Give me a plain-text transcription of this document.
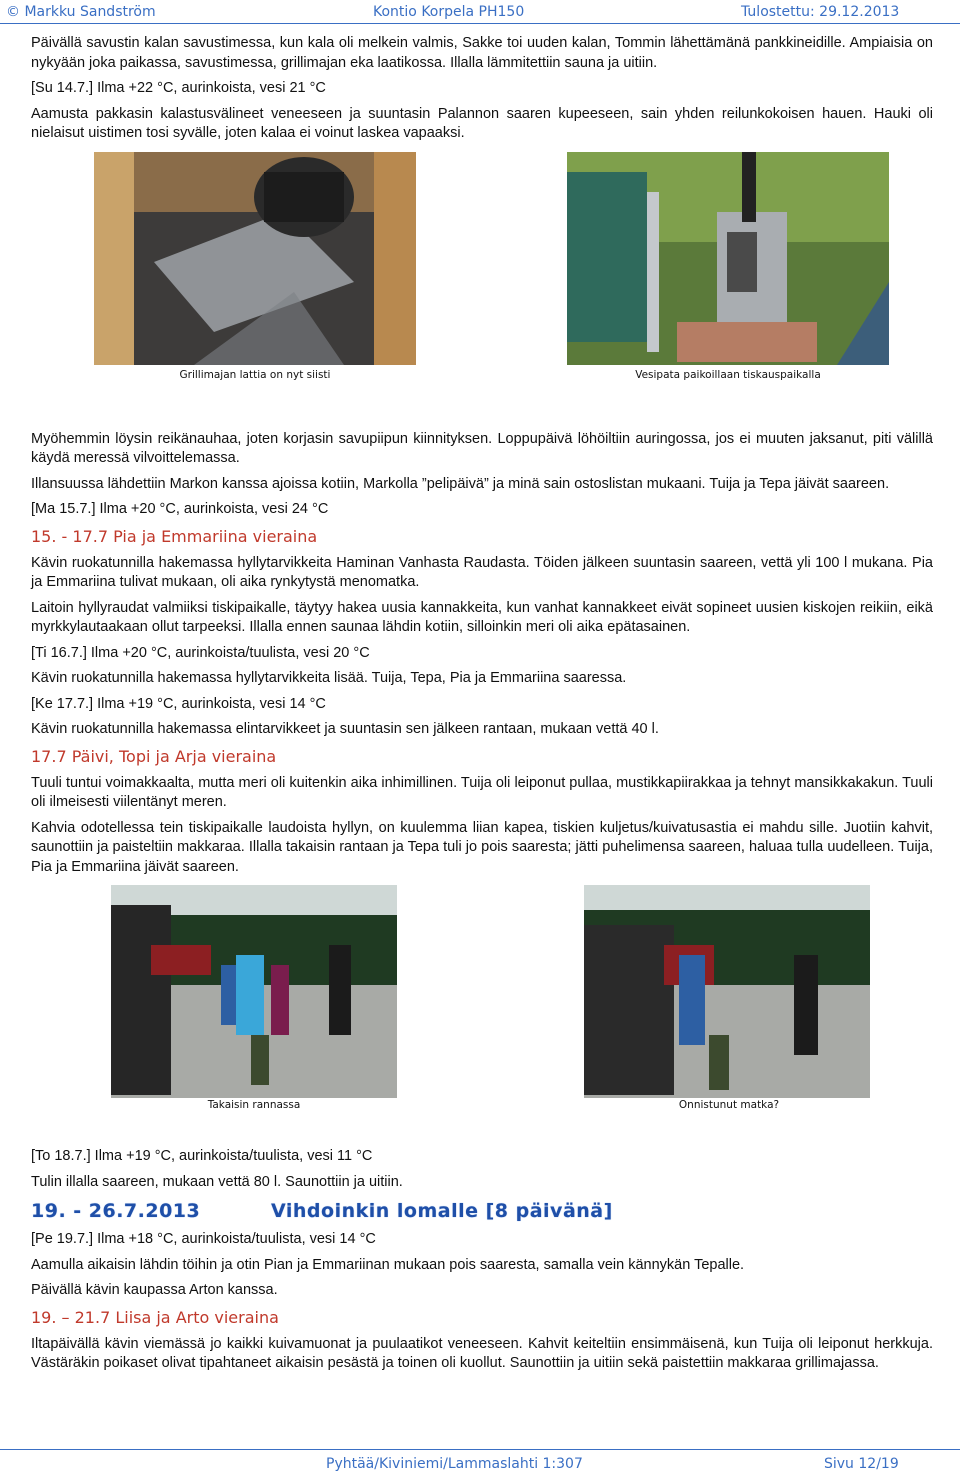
© Markku Sandström	Kontio Korpela PH150	Tulostettu: 29.12.2013

Päivällä savustin kalan savustimessa, kun kala oli melkein valmis, Sakke toi uuden kalan, Tommin lähettämänä pankkineidille. Ampiaisia on nykyään joka paikassa, savustimessa, grillimajan eka laatikossa. Illalla lämmitettiin sauna ja uitiin.

[Su 14.7.] Ilma +22 °C, aurinkoista, vesi 21 °C

Aamusta pakkasin kalastusvälineet veneeseen ja suuntasin Palannon saaren kupeeseen, sain yhden reilunkokoisen hauen. Hauki oli nielaisut uistimen tosi syvälle, joten kalaa ei voinut laskea vapaaksi.

Grillimajan lattia on nyt siisti	Vesipata paikoillaan tiskauspaikalla

Myöhemmin löysin reikänauhaa, joten korjasin savupiipun kiinnityksen. Loppupäivä löhöiltiin auringossa, jos ei muuten jaksanut, piti välillä käydä meressä vilvoittelemassa.

Illansuussa lähdettiin Markon kanssa ajoissa kotiin, Markolla ”pelipäivä” ja minä sain ostoslistan mukaani. Tuija ja Tepa jäivät saareen.

[Ma 15.7.] Ilma +20 °C, aurinkoista, vesi 24 °C

15. - 17.7 Pia ja Emmariina vieraina

Kävin ruokatunnilla hakemassa hyllytarvikkeita Haminan Vanhasta Raudasta. Töiden jälkeen suuntasin saareen, vettä yli 100 l mukana. Pia ja Emmariina tulivat mukaan, oli aika rynkytystä menomatka.

Laitoin hyllyraudat valmiiksi tiskipaikalle, täytyy hakea uusia kannakkeita, kun vanhat kannakkeet eivät sopineet uusien kiskojen reikiin, eikä myrkkylautaakaan ollut tarpeeksi. Illalla ennen saunaa lähdin kotiin, silloinkin meri oli aika epätasainen.

[Ti 16.7.] Ilma +20 °C, aurinkoista/tuulista, vesi 20 °C

Kävin ruokatunnilla hakemassa hyllytarvikkeita lisää. Tuija, Tepa, Pia ja Emmariina saaressa.

[Ke 17.7.] Ilma +19 °C, aurinkoista, vesi 14 °C

Kävin ruokatunnilla hakemassa elintarvikkeet ja suuntasin sen jälkeen rantaan, mukaan vettä 40 l.

17.7 Päivi, Topi ja Arja vieraina

Tuuli tuntui voimakkaalta, mutta meri oli kuitenkin aika inhimillinen. Tuija oli leiponut pullaa, mustikkapiirakkaa ja tehnyt mansikkakakun. Tuuli oli ilmeisesti viilentänyt meren.

Kahvia odotellessa tein tiskipaikalle laudoista hyllyn, on kuulemma liian kapea, tiskien kuljetus/kuivatusastia ei mahdu sille. Juotiin kahvit, saunottiin ja paisteltiin makkaraa. Illalla takaisin rantaan ja Tepa tuli jo pois saaresta; jätti puhelimensa saareen, haluaa tulla uudelleen. Tuija, Pia ja Emmariina jäivät saareen.

Takaisin rannassa	Onnistunut matka?

[To 18.7.] Ilma +19 °C, aurinkoista/tuulista, vesi 11 °C

Tulin illalla saareen, mukaan vettä 80 l. Saunottiin ja uitiin.

19. - 26.7.2013	Vihdoinkin lomalle [8 päivänä]

[Pe 19.7.] Ilma +18 °C, aurinkoista/tuulista, vesi 14 °C

Aamulla aikaisin lähdin töihin ja otin Pian ja Emmariinan mukaan pois saaresta, samalla vein kännykän Tepalle.

Päivällä kävin kaupassa Arton kanssa.

19. – 21.7 Liisa ja Arto vieraina

Iltapäivällä kävin viemässä jo kaikki kuivamuonat ja puulaatikot veneeseen. Kahvit keiteltiin ensimmäisenä, kun Tuija oli leiponut herkkuja. Västäräkin poikaset olivat tipahtaneet aikaisin pesästä ja toinen oli kuollut. Saunottiin ja uitiin sekä paistettiin makkaraa grillimajassa.

Pyhtää/Kiviniemi/Lammaslahti 1:307	Sivu 12/19
